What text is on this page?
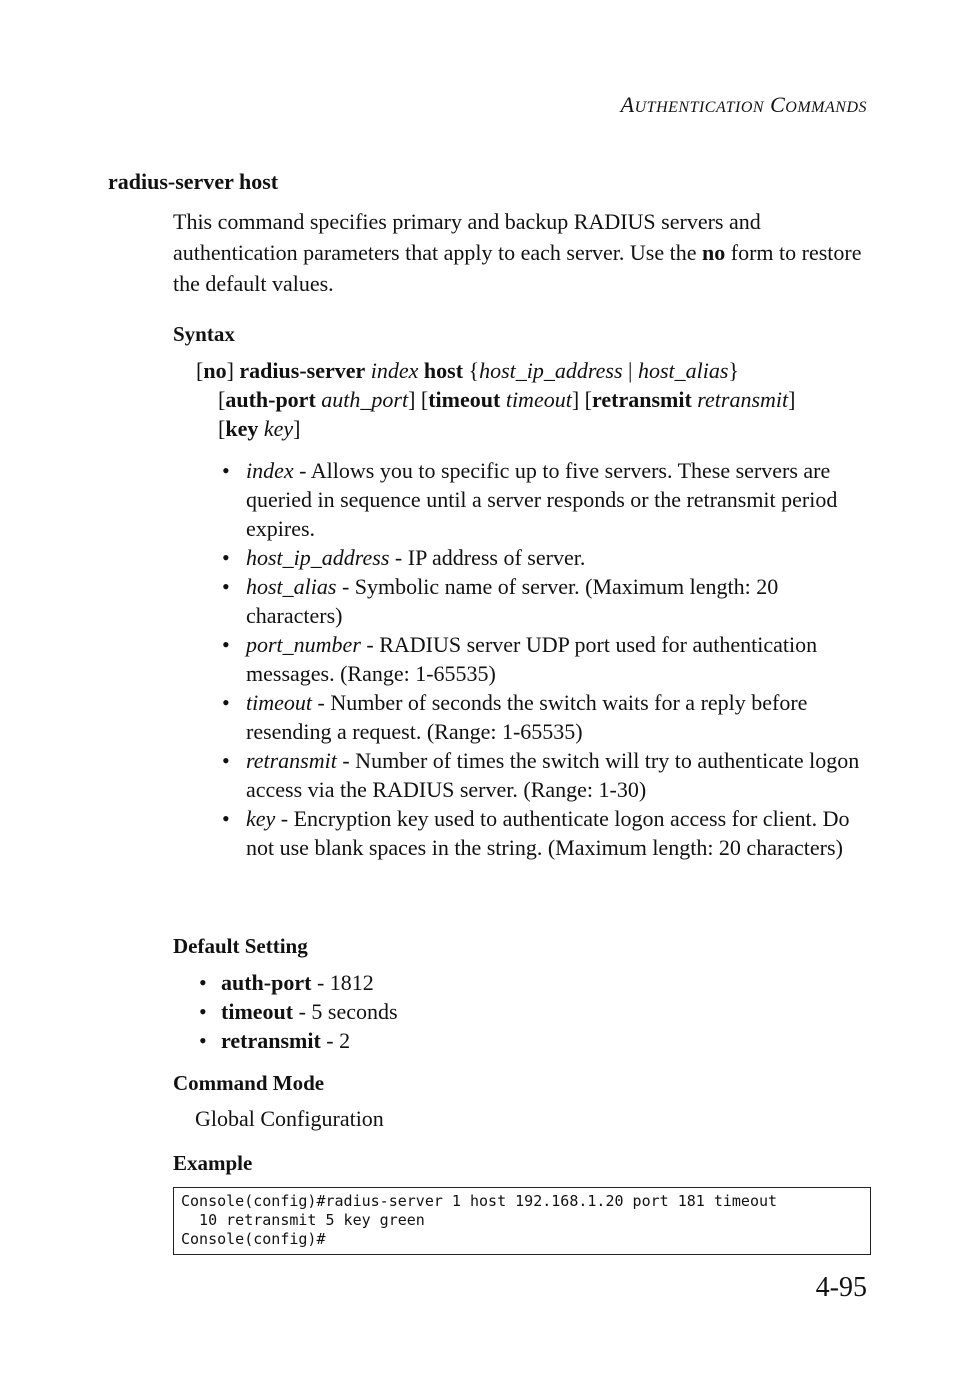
AUTHENTICATION COMMANDS
radius-server host

This command specifies primary and backup RADIUS servers and authentication parameters that apply to each server. Use the no form to restore the default values.

Syntax
[no] radius-server index host {host_ip_address | host_alias}
[auth-port auth_port] [timeout timeout] [retransmit retransmit]
[key key]
• index - Allows you to specific up to five servers. These servers are queried in sequence until a server responds or the retransmit period expires.
• host_ip_address - IP address of server.
• host_alias - Symbolic name of server. (Maximum length: 20 characters)
• port_number - RADIUS server UDP port used for authentication messages. (Range: 1-65535)
• timeout - Number of seconds the switch waits for a reply before resending a request. (Range: 1-65535)
• retransmit - Number of times the switch will try to authenticate logon access via the RADIUS server. (Range: 1-30)
• key - Encryption key used to authenticate logon access for client. Do not use blank spaces in the string. (Maximum length: 20 characters)
Default Setting
• auth-port - 1812
• timeout - 5 seconds
• retransmit - 2
Command Mode
Global Configuration
Example
Console(config)#radius-server 1 host 192.168.1.20 port 181 timeout
10 retransmit 5 key green
Console(config)#
4-95
